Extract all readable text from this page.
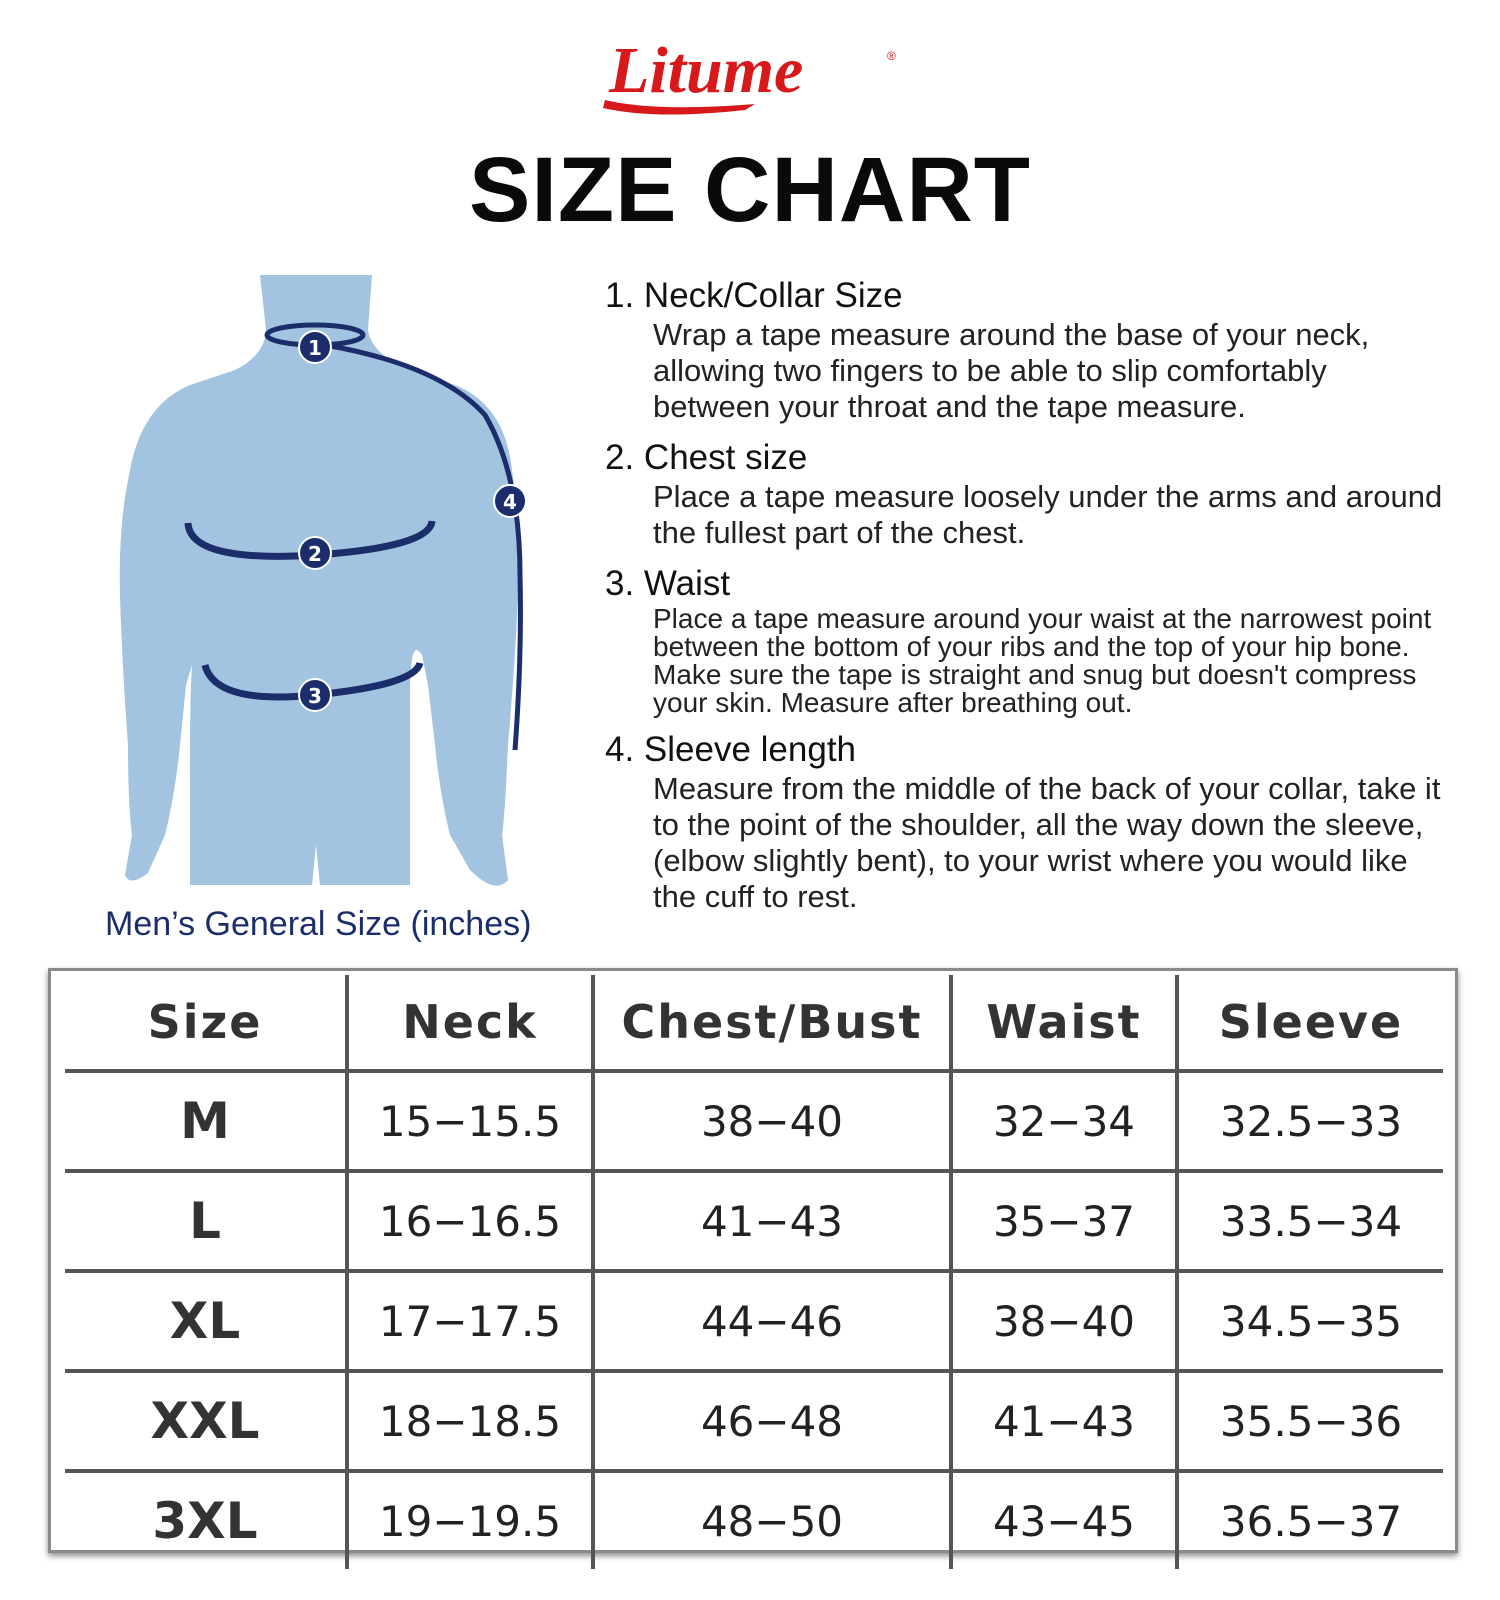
Litume	®
SIZE CHART
1
4
2
3
Men’s General Size (inches)
1. Neck/Collar Size
Wrap a tape measure around the base of your neck, allowing two fingers to be able to slip comfortably between your throat and the tape measure.
2. Chest size
Place a tape measure loosely under the arms and around the fullest part of the chest.
3. Waist
Place a tape measure around your waist at the narrowest point between the bottom of your ribs and the top of your hip bone. Make sure the tape is straight and snug but doesn't compress your skin. Measure after breathing out.
4. Sleeve length
Measure from the middle of the back of your collar, take it to the point of the shoulder, all the way down the sleeve, (elbow slightly bent), to your wrist where you would like the cuff to rest.
Size	Neck	Chest/Bust	Waist	Sleeve
M	15−15.5	38−40	32−34	32.5−33
L	16−16.5	41−43	35−37	33.5−34
XL	17−17.5	44−46	38−40	34.5−35
XXL	18−18.5	46−48	41−43	35.5−36
3XL	19−19.5	48−50	43−45	36.5−37
